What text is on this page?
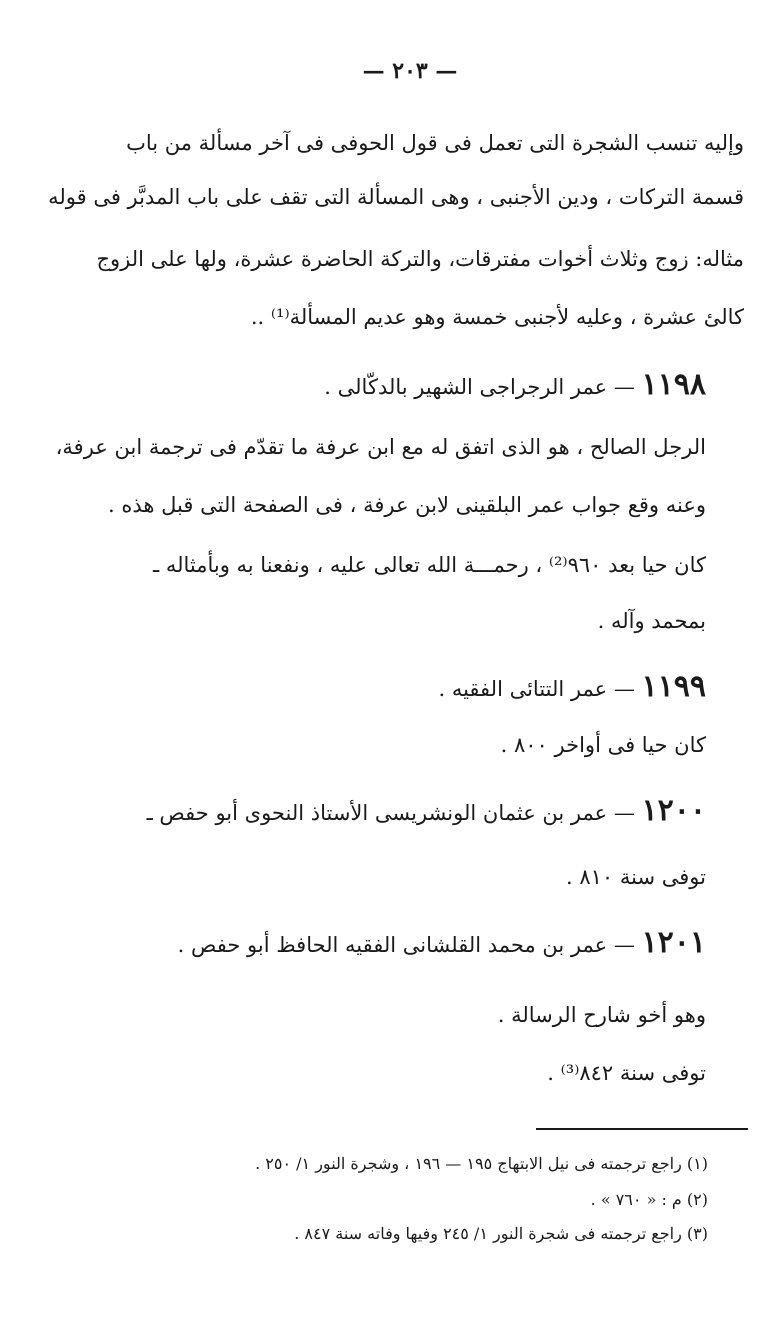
— ٢٠٣ —
وإليه تنسب الشجرة التى تعمل فى قول الحوفى فى آخر مسألة من باب
قسمة التركات ، ودين الأجنبى ، وهى المسألة التى تقف على باب المدبَّر فى قوله
مثاله: زوج وثلاث أخوات مفترقات، والتركة الحاضرة عشرة، ولها على الزوج
كالئ عشرة ، وعليه لأجنبى خمسة وهو عديم المسألة⁽¹⁾ ..
١١٩٨ — عمر الرجراجى الشهير بالدكّالى .
الرجل الصالح ، هو الذى اتفق له مع ابن عرفة ما تقدّم فى ترجمة ابن عرفة،
وعنه وقع جواب عمر البلقينى لابن عرفة ، فى الصفحة التى قبل هذه .
كان حيا بعد ٩٦٠⁽²⁾ ، رحمـــة الله تعالى عليه ، ونفعنا به وبأمثاله ـ
بمحمد وآله .
١١٩٩ — عمر التتائى الفقيه .
كان حيا فى أواخر ٨٠٠ .
١٢٠٠ — عمر بن عثمان الونشريسى الأستاذ النحوى أبو حفص ـ
توفى سنة ٨١٠ .
١٢٠١ — عمر بن محمد القلشانى الفقيه الحافظ أبو حفص .
وهو أخو شارح الرسالة .
توفى سنة ٨٤٢⁽³⁾ .
(١) راجع ترجمته فى نيل الابتهاج ١٩٥ — ١٩٦ ، وشجرة النور ١/ ٢٥٠ .
(٢) م : « ٧٦٠ » .
(٣) راجع ترجمته فى شجرة النور ١/ ٢٤٥ وفيها وفاته سنة ٨٤٧ .
